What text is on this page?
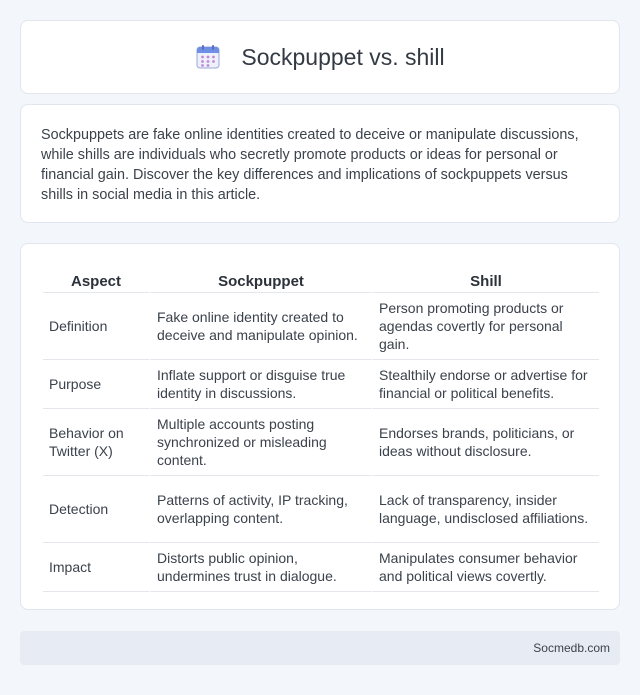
Sockpuppet vs. shill

Sockpuppets are fake online identities created to deceive or manipulate discussions, while shills are individuals who secretly promote products or ideas for personal or financial gain. Discover the key differences and implications of sockpuppets versus shills in social media in this article.

Aspect	Sockpuppet	Shill
Definition	Fake online identity created to deceive and manipulate opinion.	Person promoting products or agendas covertly for personal gain.
Purpose	Inflate support or disguise true identity in discussions.	Stealthily endorse or advertise for financial or political benefits.
Behavior on Twitter (X)	Multiple accounts posting synchronized or misleading content.	Endorses brands, politicians, or ideas without disclosure.
Detection	Patterns of activity, IP tracking, overlapping content.	Lack of transparency, insider language, undisclosed affiliations.
Impact	Distorts public opinion, undermines trust in dialogue.	Manipulates consumer behavior and political views covertly.
Socmedb.com
